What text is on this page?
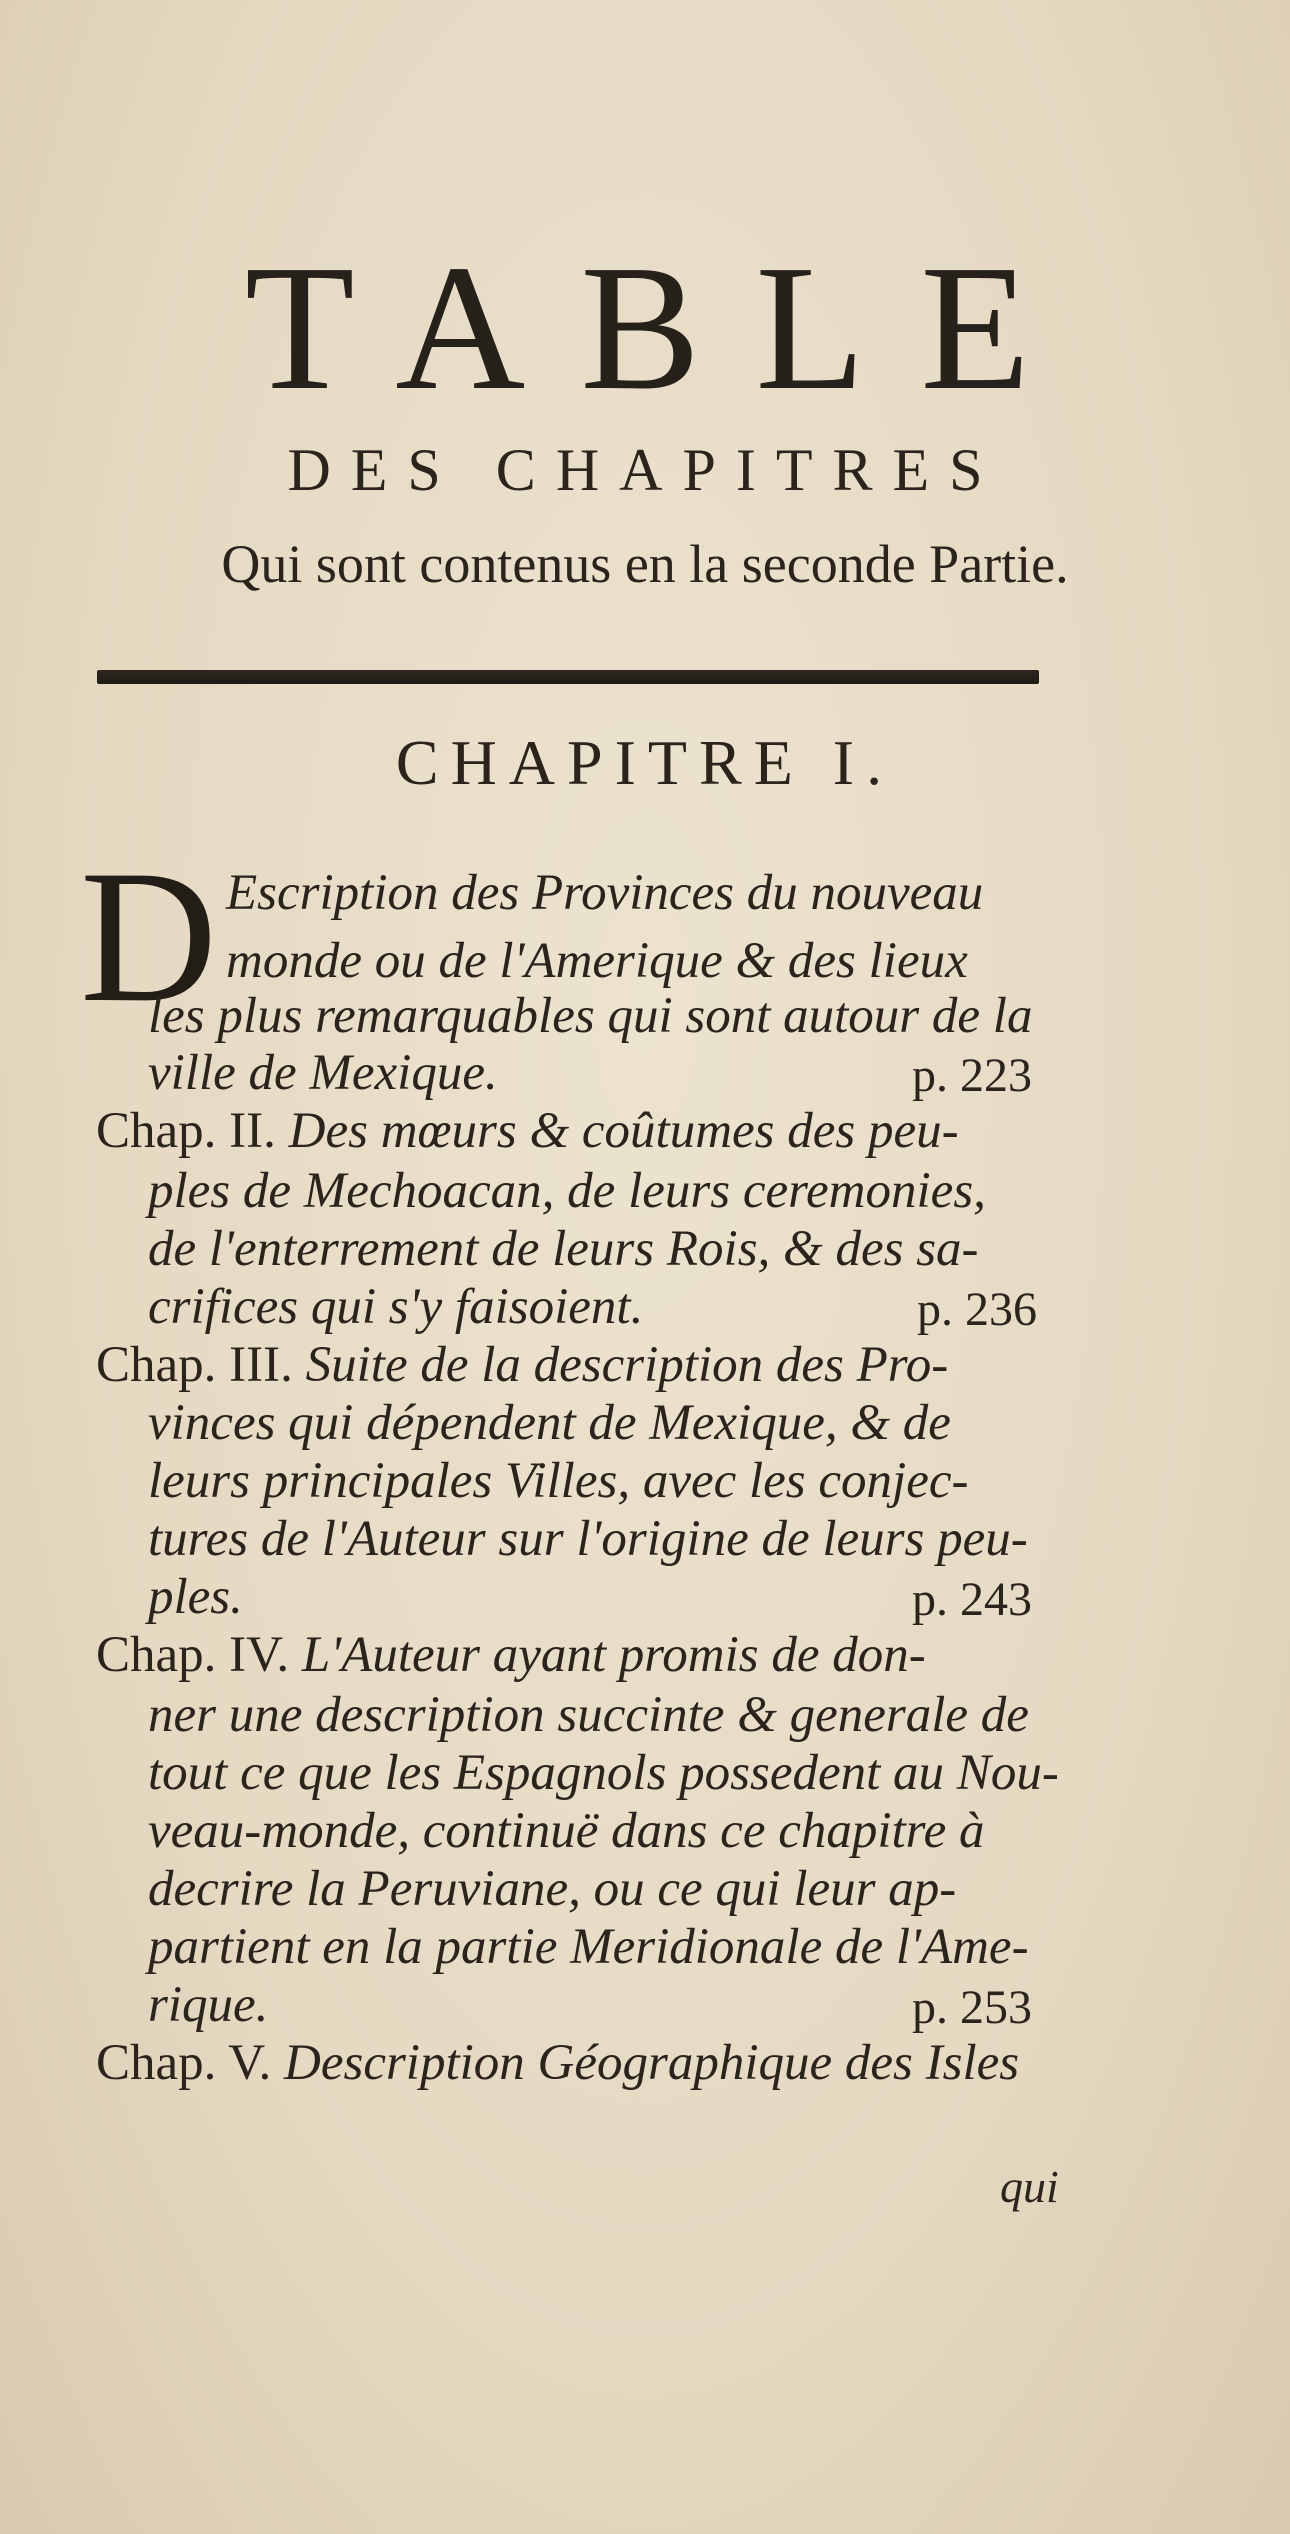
TABLE
DES CHAPITRES
Qui sont contenus en la seconde Partie.
CHAPITRE I.
D Escription des Provinces du nouveau
monde ou de l'Amerique & des lieux
les plus remarquables qui sont autour de la
ville de Mexique.	p. 223
Chap. II. Des mœurs & coûtumes des peu-
ples de Mechoacan, de leurs ceremonies,
de l'enterrement de leurs Rois, & des sa-
crifices qui s'y faisoient.	p. 236
Chap. III. Suite de la description des Pro-
vinces qui dépendent de Mexique, & de
leurs principales Villes, avec les conjec-
tures de l'Auteur sur l'origine de leurs peu-
ples.	p. 243
Chap. IV. L'Auteur ayant promis de don-
ner une description succinte & generale de
tout ce que les Espagnols possedent au Nou-
veau-monde, continuë dans ce chapitre à
decrire la Peruviane, ou ce qui leur ap-
partient en la partie Meridionale de l'Ame-
rique.	p. 253
Chap. V. Description Géographique des Isles
qui
